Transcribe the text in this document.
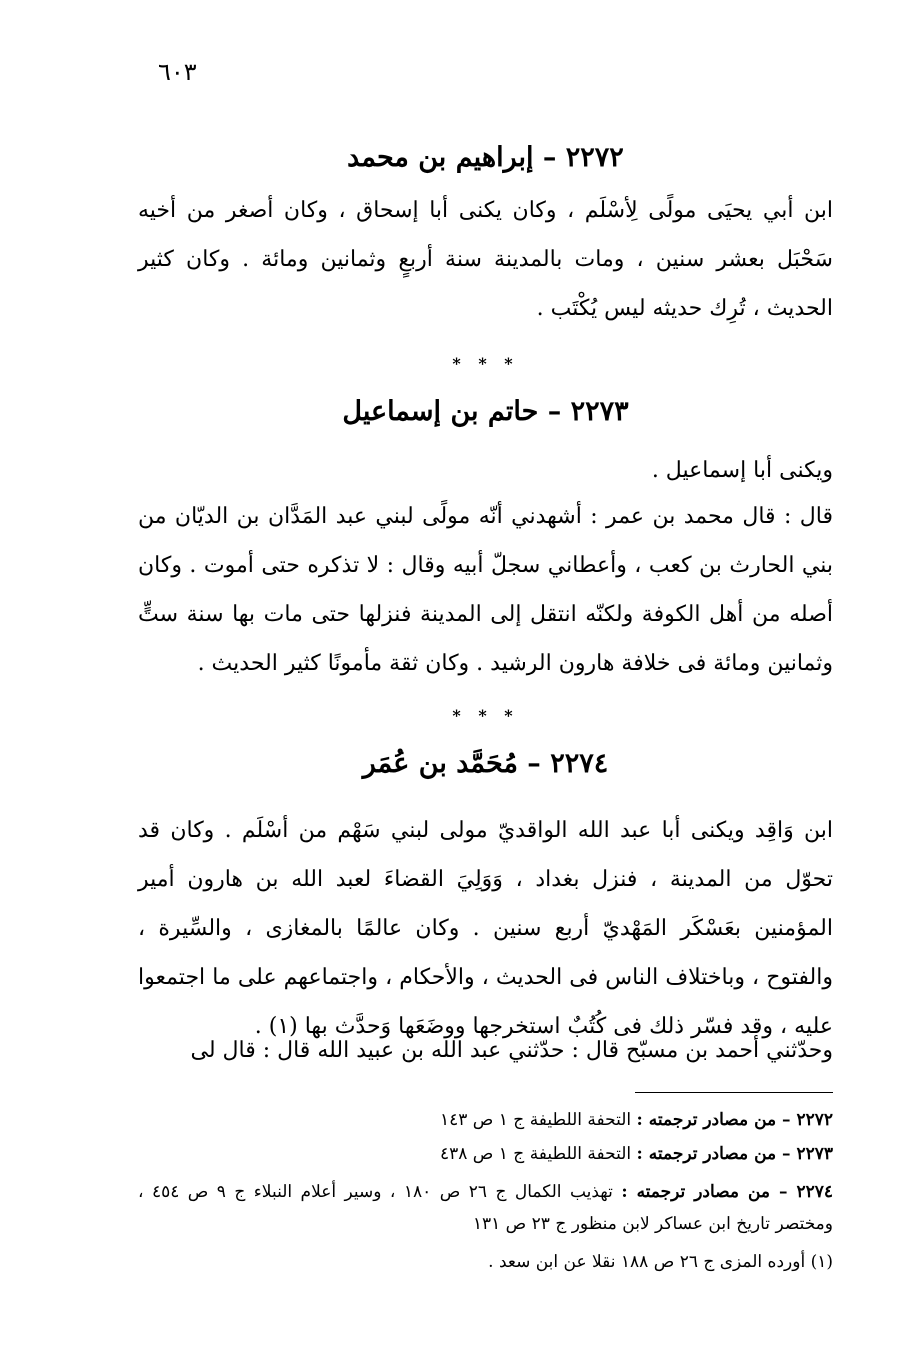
٦٠٣
٢٢٧٢ – إبراهيم بن محمد
ابن أبي يحيَى مولًى لِأسْلَم ، وكان يكنى أبا إسحاق ، وكان أصغر من أخيه سَحْبَل بعشر سنين ، ومات بالمدينة سنة أربعٍ وثمانين ومائة . وكان كثير الحديث ، تُرِك حديثه ليس يُكْتَب .
* * *
٢٢٧٣ – حاتم بن إسماعيل
ويكنى أبا إسماعيل .
قال : قال محمد بن عمر : أشهدني أنّه مولًى لبني عبد المَدَّان بن الديّان من بني الحارث بن كعب ، وأعطاني سجلّ أبيه وقال : لا تذكره حتى أموت . وكان أصله من أهل الكوفة ولكنّه انتقل إلى المدينة فنزلها حتى مات بها سنة ستٍّ وثمانين ومائة فى خلافة هارون الرشيد . وكان ثقة مأمونًا كثير الحديث .
* * *
٢٢٧٤ – مُحَمَّد بن عُمَر
ابن وَاقِد ويكنى أبا عبد الله الواقديّ مولى لبني سَهْم من أسْلَم . وكان قد تحوّل من المدينة ، فنزل بغداد ، وَوَلِيَ القضاءَ لعبد الله بن هارون أمير المؤمنين بعَسْكَر المَهْديّ أربع سنين . وكان عالمًا بالمغازى ، والسِّيرة ، والفتوح ، وباختلاف الناس فى الحديث ، والأحكام ، واجتماعهم على ما اجتمعوا عليه ، وقد فسّر ذلك فى كُتُبٌ استخرجها ووضَعَها وَحدَّث بها (١) .
وحدّثني أحمد بن مسبّح قال : حدّثني عبد الله بن عبيد الله قال : قال لى
٢٢٧٢ – من مصادر ترجمته : التحفة اللطيفة ج ١ ص ١٤٣
٢٢٧٣ – من مصادر ترجمته : التحفة اللطيفة ج ١ ص ٤٣٨
٢٢٧٤ – من مصادر ترجمته : تهذيب الكمال ج ٢٦ ص ١٨٠ ، وسير أعلام النبلاء ج ٩ ص ٤٥٤ ، ومختصر تاريخ ابن عساكر لابن منظور ج ٢٣ ص ١٣١
(١) أورده المزى ج ٢٦ ص ١٨٨ نقلا عن ابن سعد .
